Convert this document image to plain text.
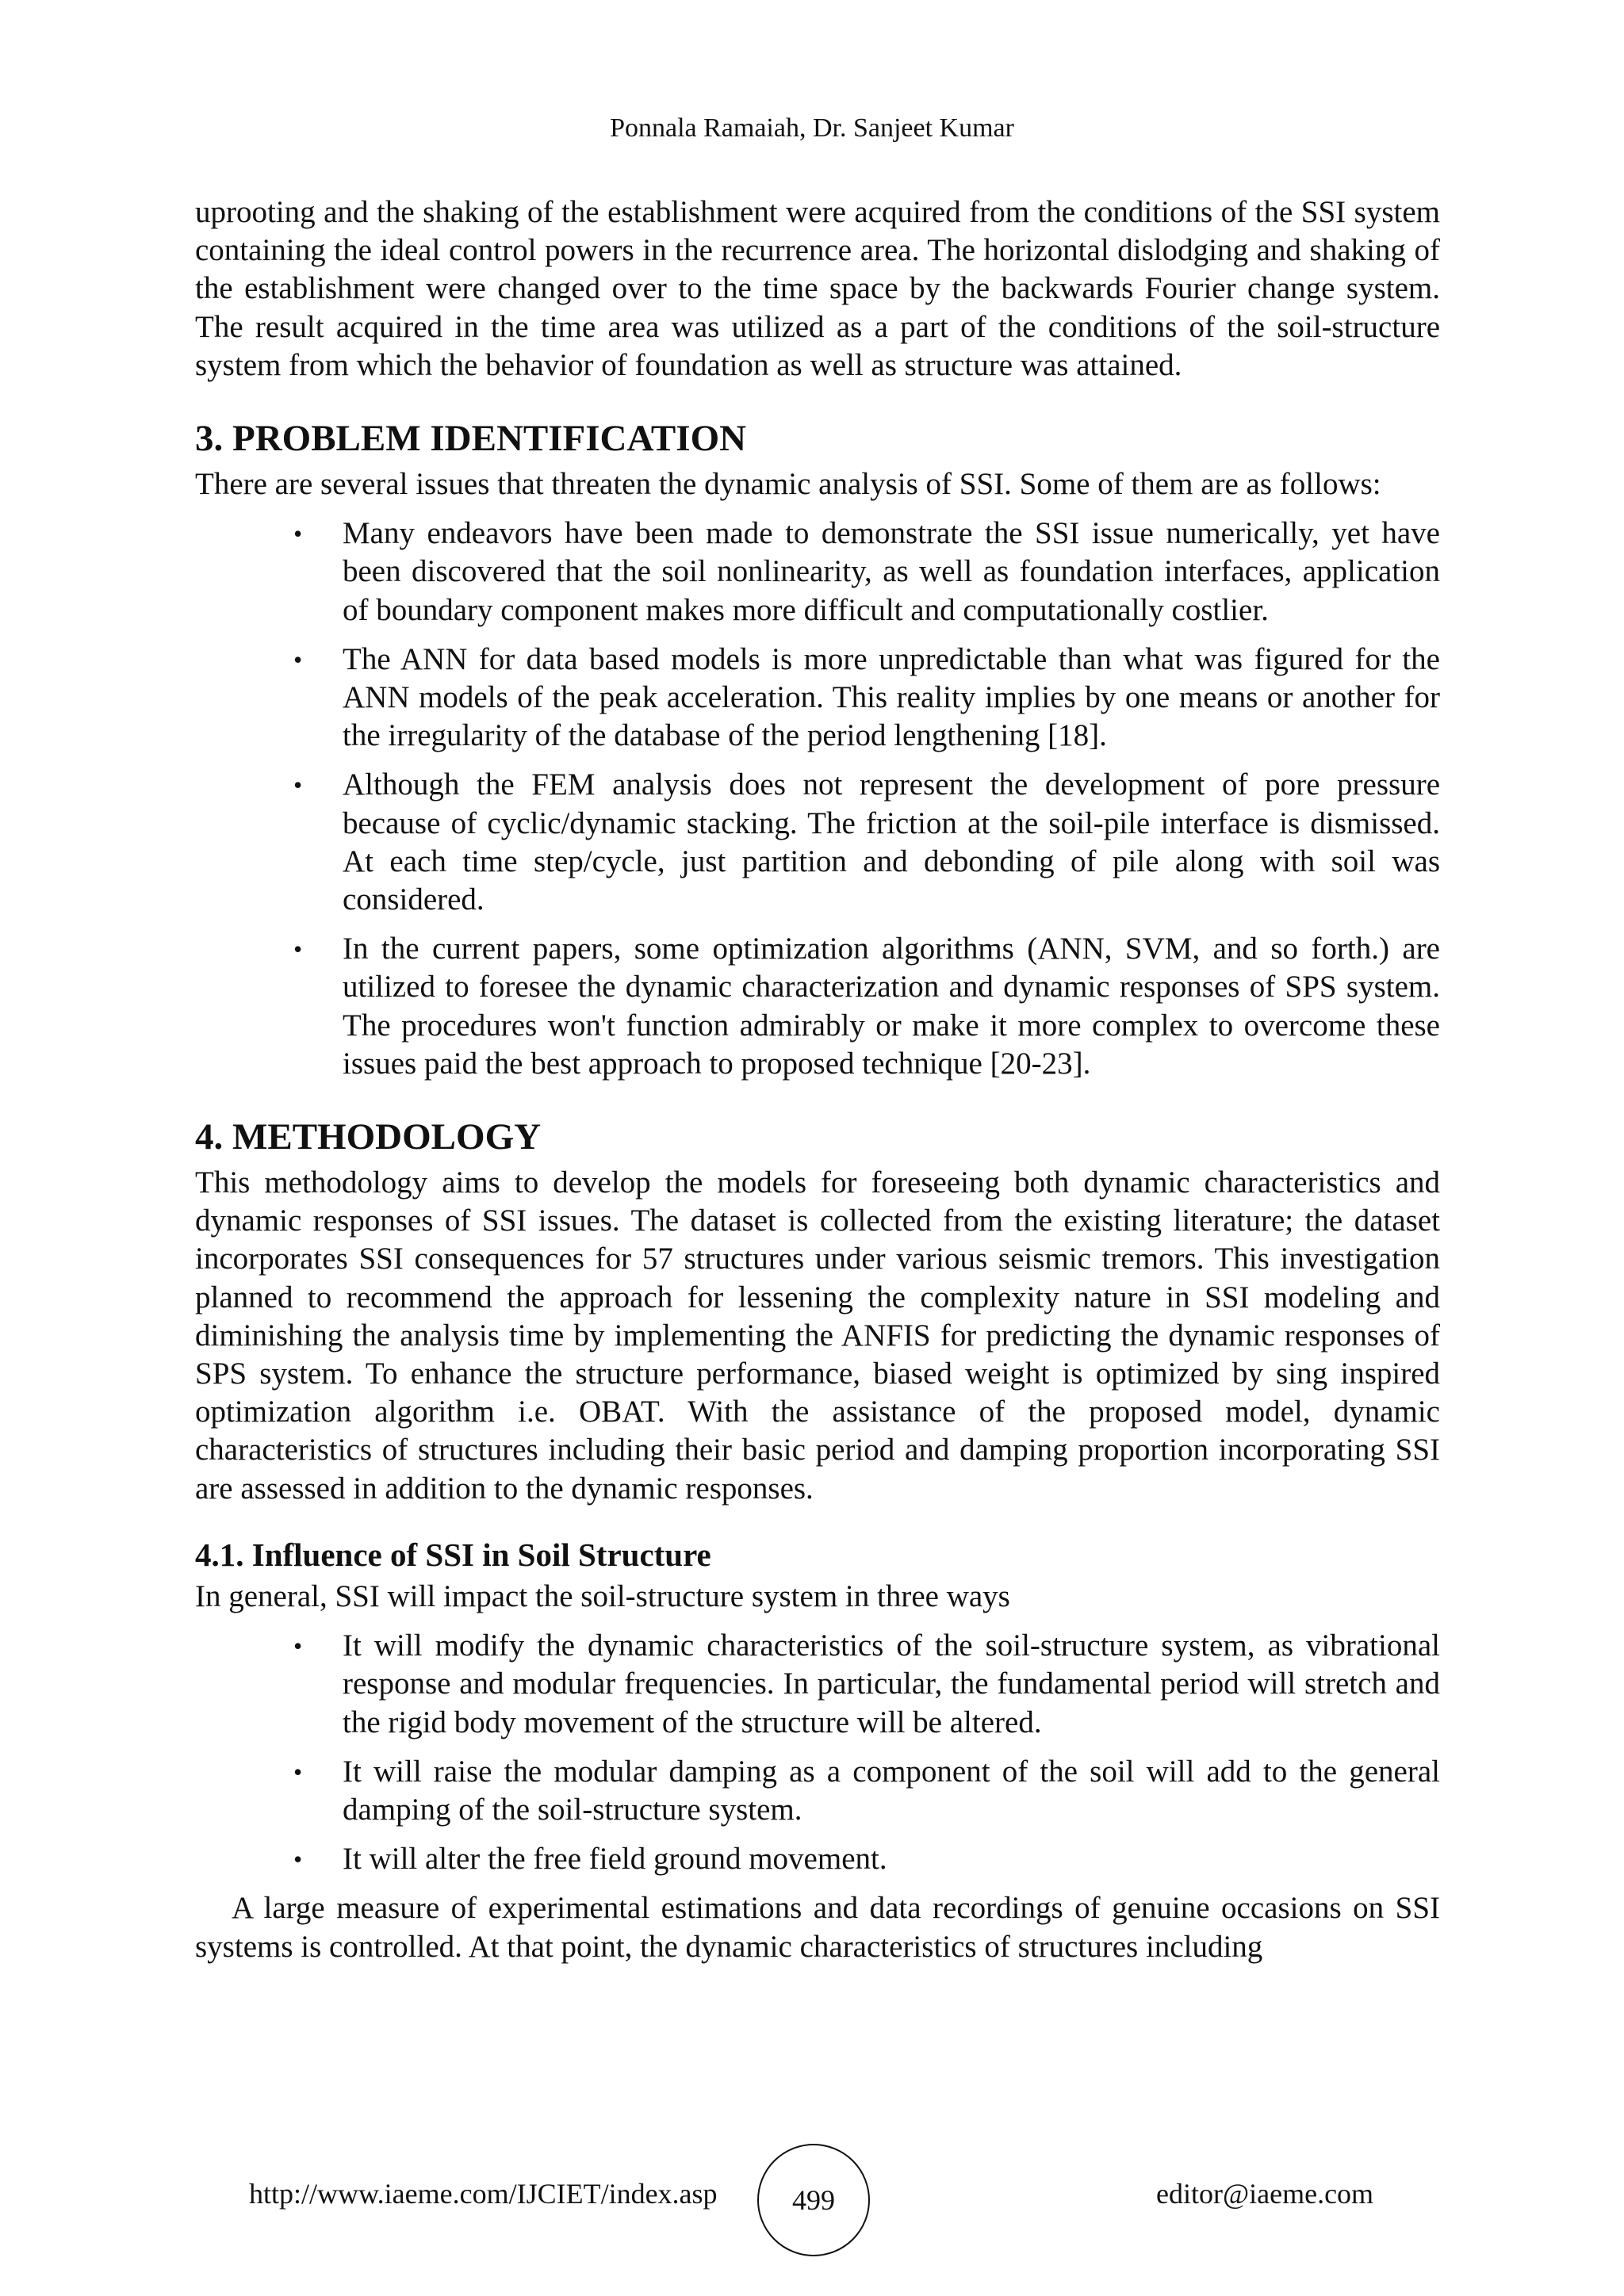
Ponnala Ramaiah, Dr. Sanjeet Kumar

uprooting and the shaking of the establishment were acquired from the conditions of the SSI system containing the ideal control powers in the recurrence area. The horizontal dislodging and shaking of the establishment were changed over to the time space by the backwards Fourier change system. The result acquired in the time area was utilized as a part of the conditions of the soil-structure system from which the behavior of foundation as well as structure was attained.

3. PROBLEM IDENTIFICATION

There are several issues that threaten the dynamic analysis of SSI. Some of them are as follows:

• Many endeavors have been made to demonstrate the SSI issue numerically, yet have been discovered that the soil nonlinearity, as well as foundation interfaces, application of boundary component makes more difficult and computationally costlier.
• The ANN for data based models is more unpredictable than what was figured for the ANN models of the peak acceleration. This reality implies by one means or another for the irregularity of the database of the period lengthening [18].
• Although the FEM analysis does not represent the development of pore pressure because of cyclic/dynamic stacking. The friction at the soil-pile interface is dismissed. At each time step/cycle, just partition and debonding of pile along with soil was considered.
• In the current papers, some optimization algorithms (ANN, SVM, and so forth.) are utilized to foresee the dynamic characterization and dynamic responses of SPS system. The procedures won't function admirably or make it more complex to overcome these issues paid the best approach to proposed technique [20-23].
4. METHODOLOGY

This methodology aims to develop the models for foreseeing both dynamic characteristics and dynamic responses of SSI issues. The dataset is collected from the existing literature; the dataset incorporates SSI consequences for 57 structures under various seismic tremors. This investigation planned to recommend the approach for lessening the complexity nature in SSI modeling and diminishing the analysis time by implementing the ANFIS for predicting the dynamic responses of SPS system. To enhance the structure performance, biased weight is optimized by sing inspired optimization algorithm i.e. OBAT. With the assistance of the proposed model, dynamic characteristics of structures including their basic period and damping proportion incorporating SSI are assessed in addition to the dynamic responses.

4.1. Influence of SSI in Soil Structure

In general, SSI will impact the soil-structure system in three ways

• It will modify the dynamic characteristics of the soil-structure system, as vibrational response and modular frequencies. In particular, the fundamental period will stretch and the rigid body movement of the structure will be altered.
• It will raise the modular damping as a component of the soil will add to the general damping of the soil-structure system.
• It will alter the free field ground movement.

A large measure of experimental estimations and data recordings of genuine occasions on SSI systems is controlled. At that point, the dynamic characteristics of structures including

http://www.iaeme.com/IJCIET/index.asp	499	editor@iaeme.com
